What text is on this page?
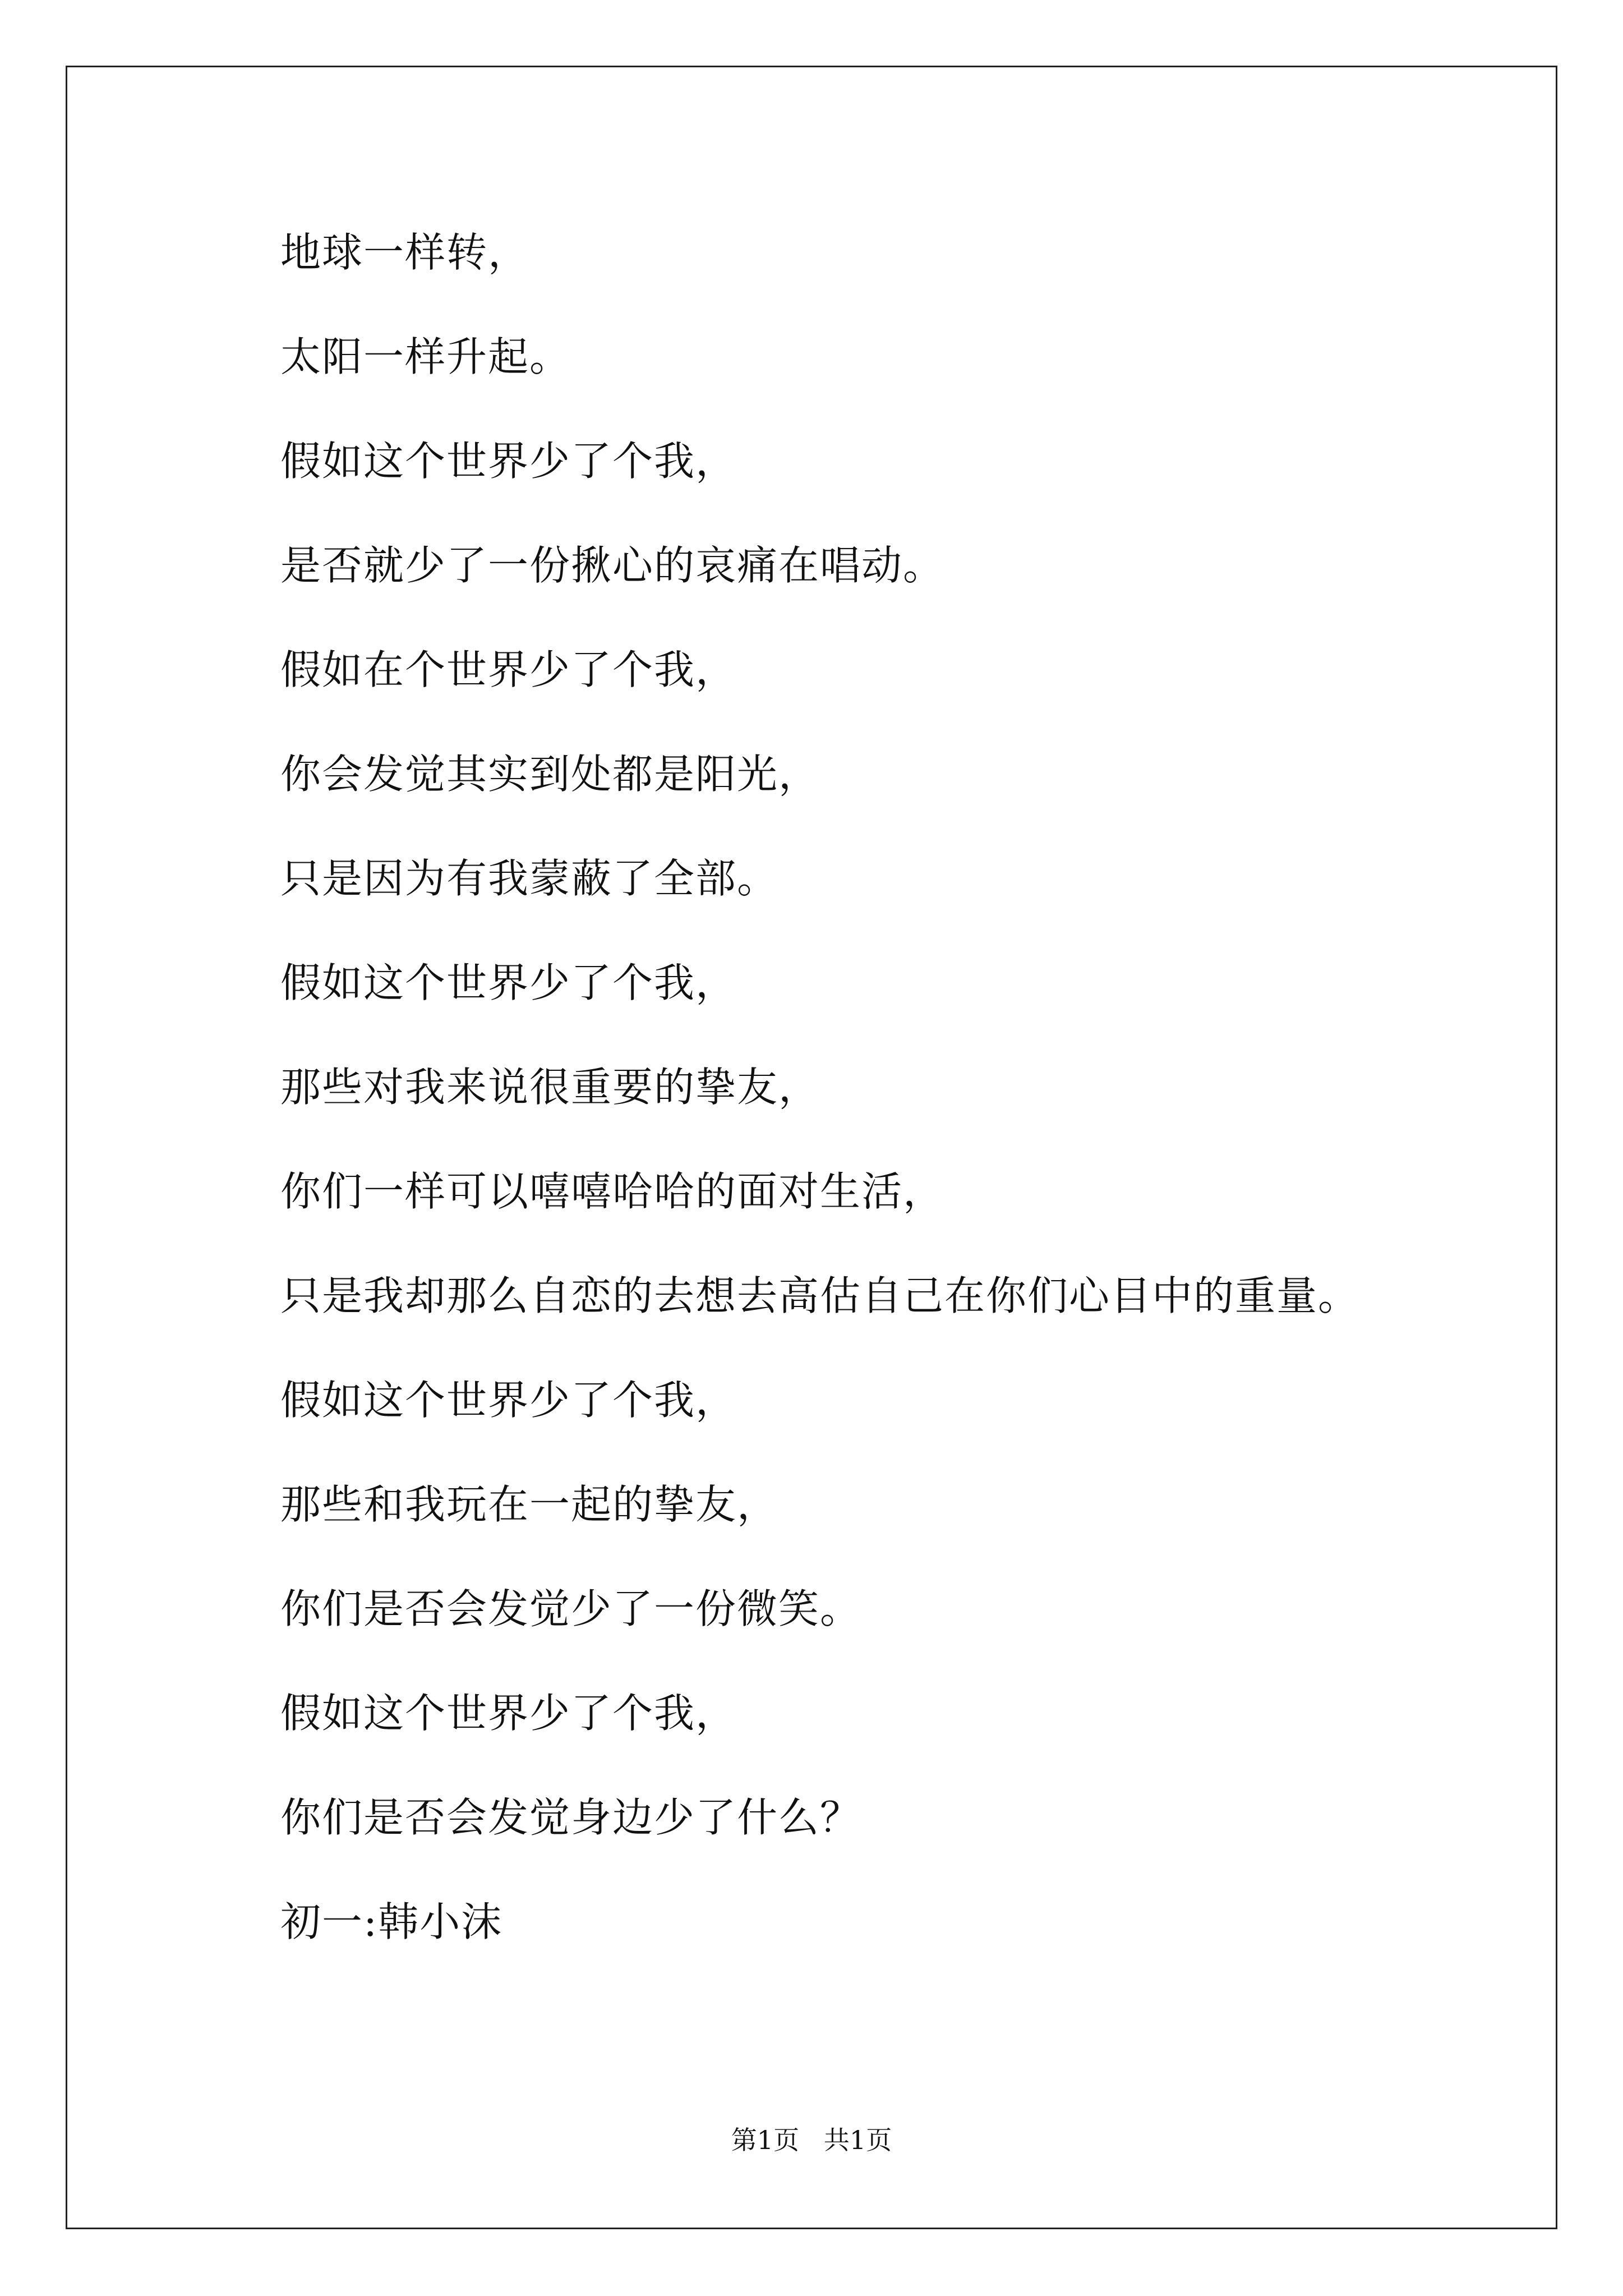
地球一样转，
太阳一样升起。
假如这个世界少了个我，
是否就少了一份揪心的哀痛在唱动。
假如在个世界少了个我，
你会发觉其实到处都是阳光，
只是因为有我蒙蔽了全部。
假如这个世界少了个我，
那些对我来说很重要的挚友，
你们一样可以嘻嘻哈哈的面对生活，
只是我却那么自恋的去想去高估自己在你们心目中的重量。
假如这个世界少了个我，
那些和我玩在一起的挚友，
你们是否会发觉少了一份微笑。
假如这个世界少了个我，
你们是否会发觉身边少了什么？
初一:韩小沫
第1页   共1页
